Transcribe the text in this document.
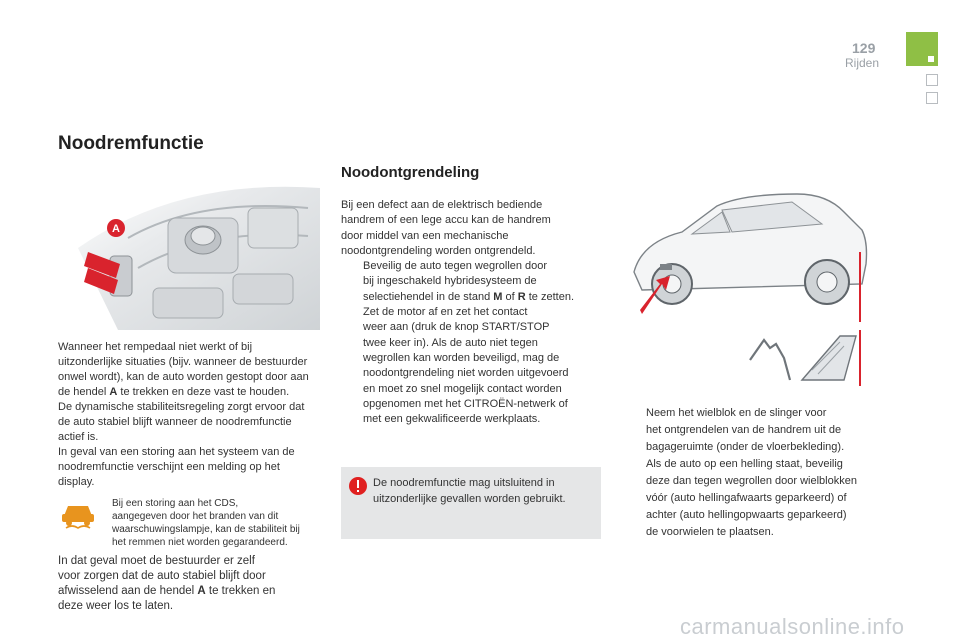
129
Rijden
Noodremfunctie
A

Wanneer het rempedaal niet werkt of bij

uitzonderlijke situaties (bijv. wanneer de bestuurder

onwel wordt), kan de auto worden gestopt door aan

de hendel A te trekken en deze vast te houden.

De dynamische stabiliteitsregeling zorgt ervoor dat

de auto stabiel blijft wanneer de noodremfunctie

actief is.

In geval van een storing aan het systeem van de

noodremfunctie verschijnt een melding op het

display.

Bij een storing aan het CDS,

aangegeven door het branden van dit

waarschuwingslampje, kan de stabiliteit bij

het remmen niet worden gegarandeerd.

In dat geval moet de bestuurder er zelf

voor zorgen dat de auto stabiel blijft door

afwisselend aan de hendel A te trekken en

deze weer los te laten.

Noodontgrendeling

Bij een defect aan de elektrisch bediende

handrem of een lege accu kan de handrem

door middel van een mechanische

noodontgrendeling worden ontgrendeld.

Beveilig de auto tegen wegrollen door

bij ingeschakeld hybridesysteem de

selectiehendel in de stand M of R te zetten.

Zet de motor af en zet het contact

weer aan (druk de knop START/STOP

twee keer in). Als de auto niet tegen

wegrollen kan worden beveiligd, mag de

noodontgrendeling niet worden uitgevoerd

en moet zo snel mogelijk contact worden

opgenomen met het CITROËN-netwerk of

met een gekwalificeerde werkplaats.

De noodremfunctie mag uitsluitend in

uitzonderlijke gevallen worden gebruikt.

Neem het wielblok en de slinger voor

het ontgrendelen van de handrem uit de

bagageruimte (onder de vloerbekleding).

Als de auto op een helling staat, beveilig

deze dan tegen wegrollen door wielblokken

vóór (auto hellingafwaarts geparkeerd) of

achter (auto hellingopwaarts geparkeerd)

de voorwielen te plaatsen.

carmanualsonline.info
